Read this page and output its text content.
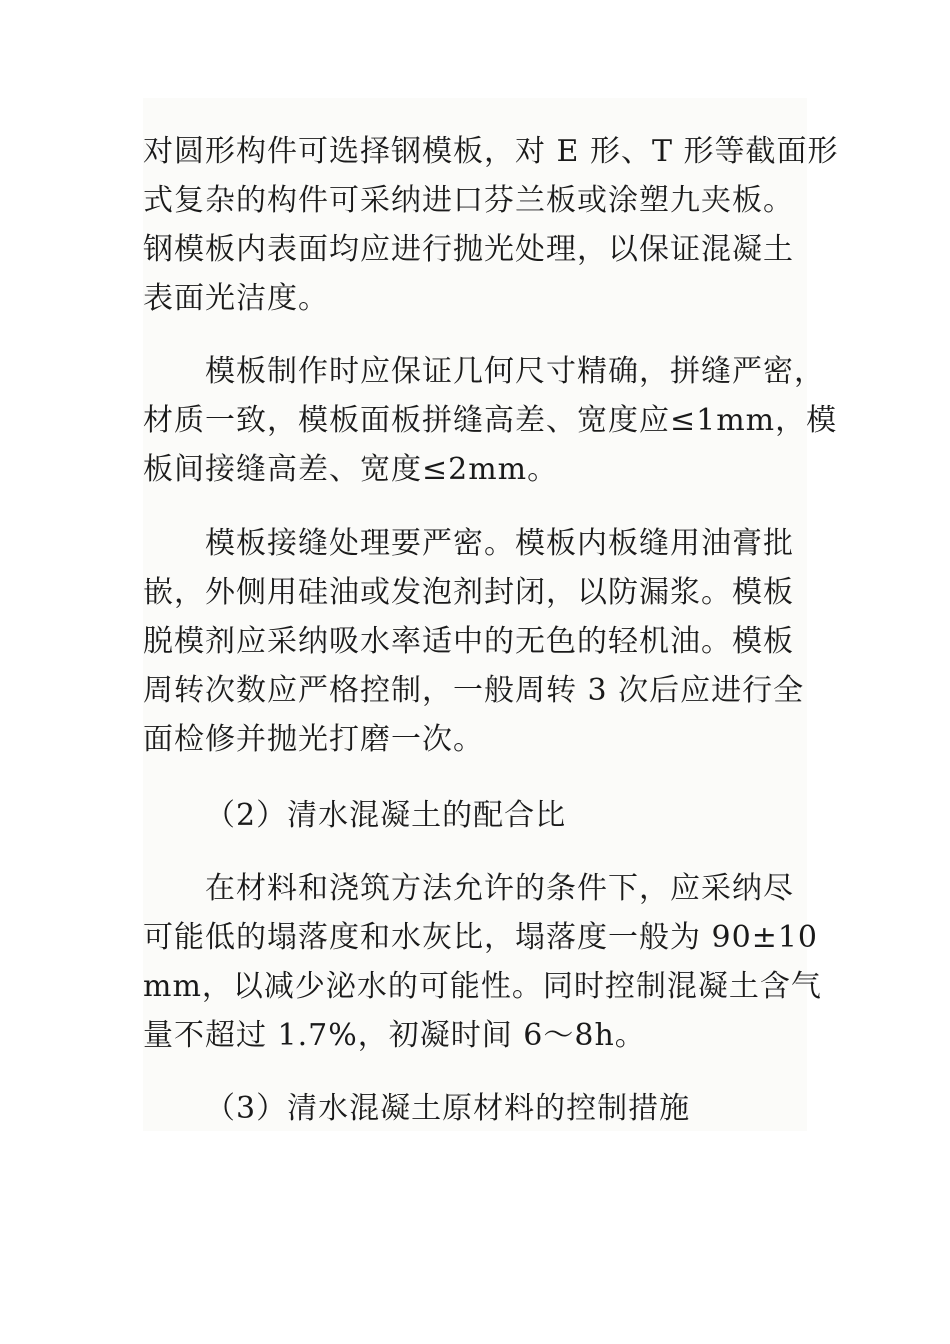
对圆形构件可选择钢模板，对 E 形、T 形等截面形
式复杂的构件可采纳进口芬兰板或涂塑九夹板。
钢模板内表面均应进行抛光处理，以保证混凝土
表面光洁度。

模板制作时应保证几何尺寸精确，拼缝严密，
材质一致，模板面板拼缝高差、宽度应≤1mm，模
板间接缝高差、宽度≤2mm。

模板接缝处理要严密。模板内板缝用油膏批
嵌，外侧用硅油或发泡剂封闭，以防漏浆。模板
脱模剂应采纳吸水率适中的无色的轻机油。模板
周转次数应严格控制，一般周转 3 次后应进行全
面检修并抛光打磨一次。

（2）清水混凝土的配合比

在材料和浇筑方法允许的条件下，应采纳尽
可能低的塌落度和水灰比，塌落度一般为 90±10
mm，以减少泌水的可能性。同时控制混凝土含气
量不超过 1.7%，初凝时间 6～8h。

（3）清水混凝土原材料的控制措施
